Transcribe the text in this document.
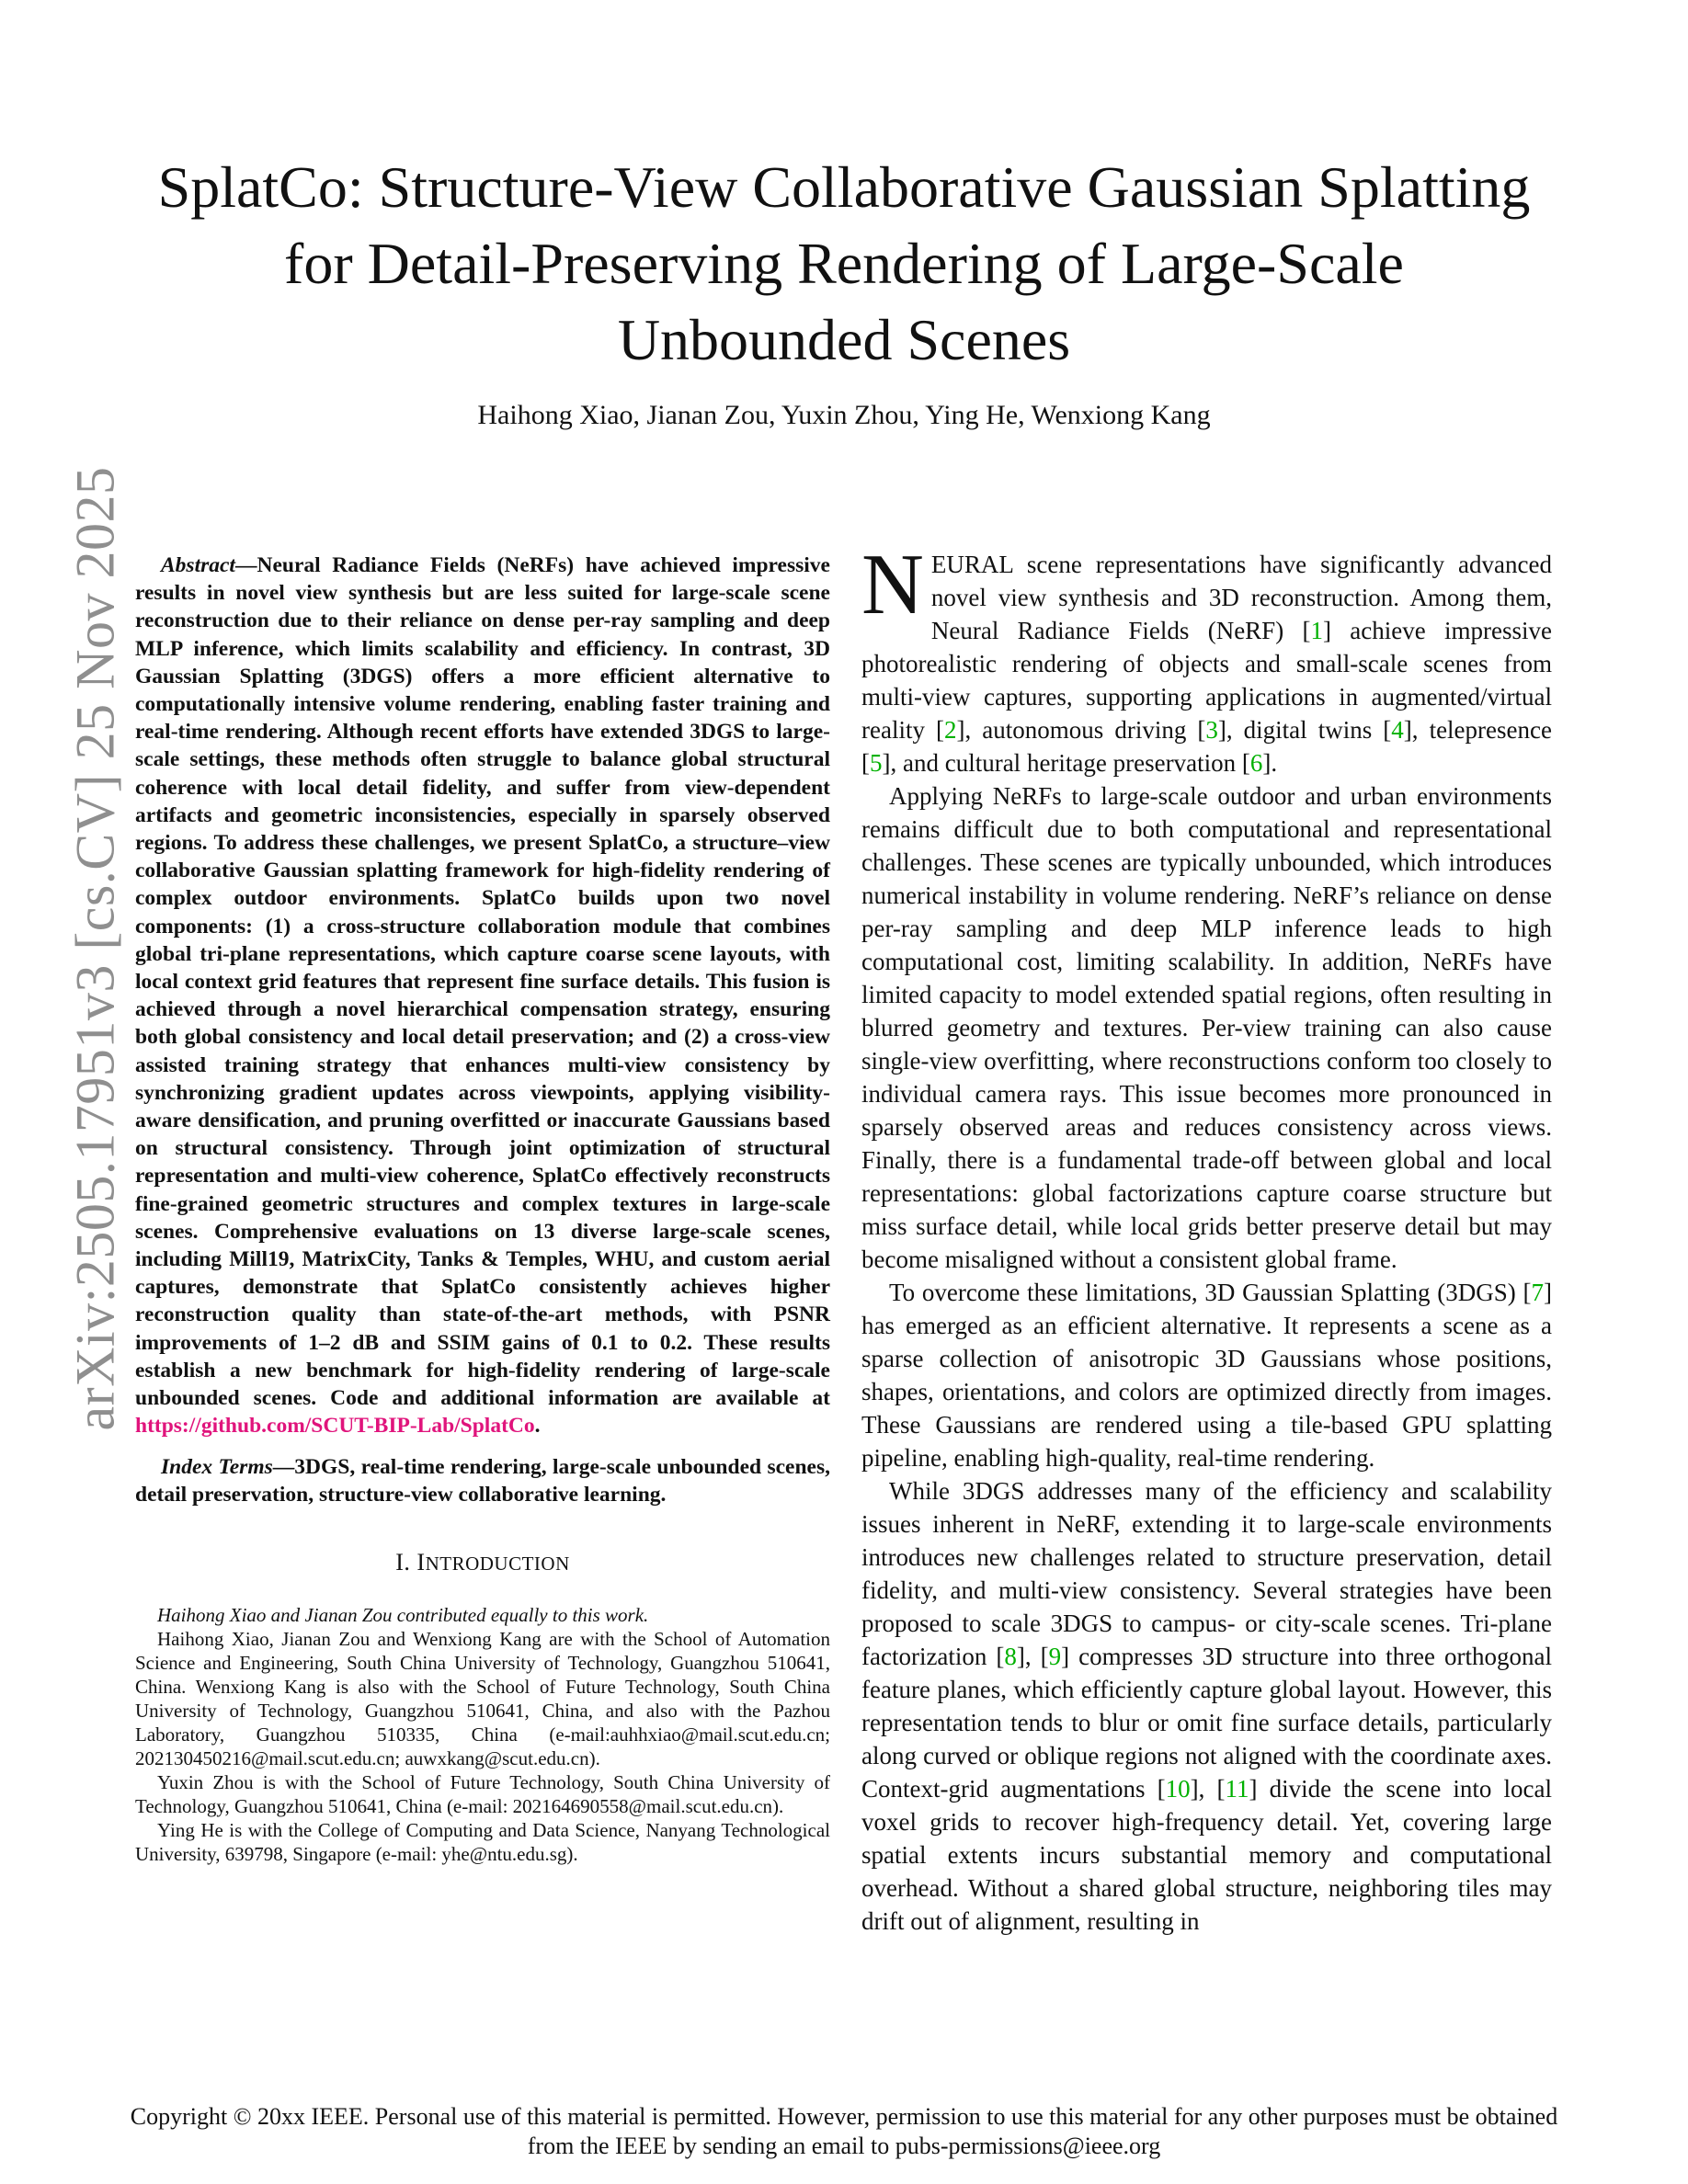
arXiv:2505.17951v3 [cs.CV] 25 Nov 2025
SplatCo: Structure-View Collaborative Gaussian Splatting for Detail-Preserving Rendering of Large-Scale Unbounded Scenes
Haihong Xiao, Jianan Zou, Yuxin Zhou, Ying He, Wenxiong Kang

Abstract—Neural Radiance Fields (NeRFs) have achieved impressive results in novel view synthesis but are less suited for large-scale scene reconstruction due to their reliance on dense per-ray sampling and deep MLP inference, which limits scalability and efficiency. In contrast, 3D Gaussian Splatting (3DGS) offers a more efficient alternative to computationally intensive volume rendering, enabling faster training and real-time rendering. Although recent efforts have extended 3DGS to large-scale settings, these methods often struggle to balance global structural coherence with local detail fidelity, and suffer from view-dependent artifacts and geometric inconsistencies, especially in sparsely observed regions. To address these challenges, we present SplatCo, a structure–view collaborative Gaussian splatting framework for high-fidelity rendering of complex outdoor environments. SplatCo builds upon two novel components: (1) a cross-structure collaboration module that combines global tri-plane representations, which capture coarse scene layouts, with local context grid features that represent fine surface details. This fusion is achieved through a novel hierarchical compensation strategy, ensuring both global consistency and local detail preservation; and (2) a cross-view assisted training strategy that enhances multi-view consistency by synchronizing gradient updates across viewpoints, applying visibility-aware densification, and pruning overfitted or inaccurate Gaussians based on structural consistency. Through joint optimization of structural representation and multi-view coherence, SplatCo effectively reconstructs fine-grained geometric structures and complex textures in large-scale scenes. Comprehensive evaluations on 13 diverse large-scale scenes, including Mill19, MatrixCity, Tanks & Temples, WHU, and custom aerial captures, demonstrate that SplatCo consistently achieves higher reconstruction quality than state-of-the-art methods, with PSNR improvements of 1–2 dB and SSIM gains of 0.1 to 0.2. These results establish a new benchmark for high-fidelity rendering of large-scale unbounded scenes. Code and additional information are available at https://github.com/SCUT-BIP-Lab/SplatCo.

Index Terms—3DGS, real-time rendering, large-scale unbounded scenes, detail preservation, structure-view collaborative learning.

I. INTRODUCTION

Haihong Xiao and Jianan Zou contributed equally to this work.

Haihong Xiao, Jianan Zou and Wenxiong Kang are with the School of Automation Science and Engineering, South China University of Technology, Guangzhou 510641, China. Wenxiong Kang is also with the School of Future Technology, South China University of Technology, Guangzhou 510641, China, and also with the Pazhou Laboratory, Guangzhou 510335, China (e-mail:auhhxiao@mail.scut.edu.cn; 202130450216@mail.scut.edu.cn; auwxkang@scut.edu.cn).

Yuxin Zhou is with the School of Future Technology, South China University of Technology, Guangzhou 510641, China (e-mail: 202164690558@mail.scut.edu.cn).

Ying He is with the College of Computing and Data Science, Nanyang Technological University, 639798, Singapore (e-mail: yhe@ntu.edu.sg).

NEURAL scene representations have significantly advanced novel view synthesis and 3D reconstruction. Among them, Neural Radiance Fields (NeRF) [1] achieve impressive photorealistic rendering of objects and small-scale scenes from multi-view captures, supporting applications in augmented/virtual reality [2], autonomous driving [3], digital twins [4], telepresence [5], and cultural heritage preservation [6].

Applying NeRFs to large-scale outdoor and urban environments remains difficult due to both computational and representational challenges. These scenes are typically unbounded, which introduces numerical instability in volume rendering. NeRF’s reliance on dense per-ray sampling and deep MLP inference leads to high computational cost, limiting scalability. In addition, NeRFs have limited capacity to model extended spatial regions, often resulting in blurred geometry and textures. Per-view training can also cause single-view overfitting, where reconstructions conform too closely to individual camera rays. This issue becomes more pronounced in sparsely observed areas and reduces consistency across views. Finally, there is a fundamental trade-off between global and local representations: global factorizations capture coarse structure but miss surface detail, while local grids better preserve detail but may become misaligned without a consistent global frame.

To overcome these limitations, 3D Gaussian Splatting (3DGS) [7] has emerged as an efficient alternative. It represents a scene as a sparse collection of anisotropic 3D Gaussians whose positions, shapes, orientations, and colors are optimized directly from images. These Gaussians are rendered using a tile-based GPU splatting pipeline, enabling high-quality, real-time rendering.

While 3DGS addresses many of the efficiency and scalability issues inherent in NeRF, extending it to large-scale environments introduces new challenges related to structure preservation, detail fidelity, and multi-view consistency. Several strategies have been proposed to scale 3DGS to campus- or city-scale scenes. Tri-plane factorization [8], [9] compresses 3D structure into three orthogonal feature planes, which efficiently capture global layout. However, this representation tends to blur or omit fine surface details, particularly along curved or oblique regions not aligned with the coordinate axes. Context-grid augmentations [10], [11] divide the scene into local voxel grids to recover high-frequency detail. Yet, covering large spatial extents incurs substantial memory and computational overhead. Without a shared global structure, neighboring tiles may drift out of alignment, resulting in

Copyright © 20xx IEEE. Personal use of this material is permitted. However, permission to use this material for any other purposes must be obtained from the IEEE by sending an email to pubs-permissions@ieee.org
